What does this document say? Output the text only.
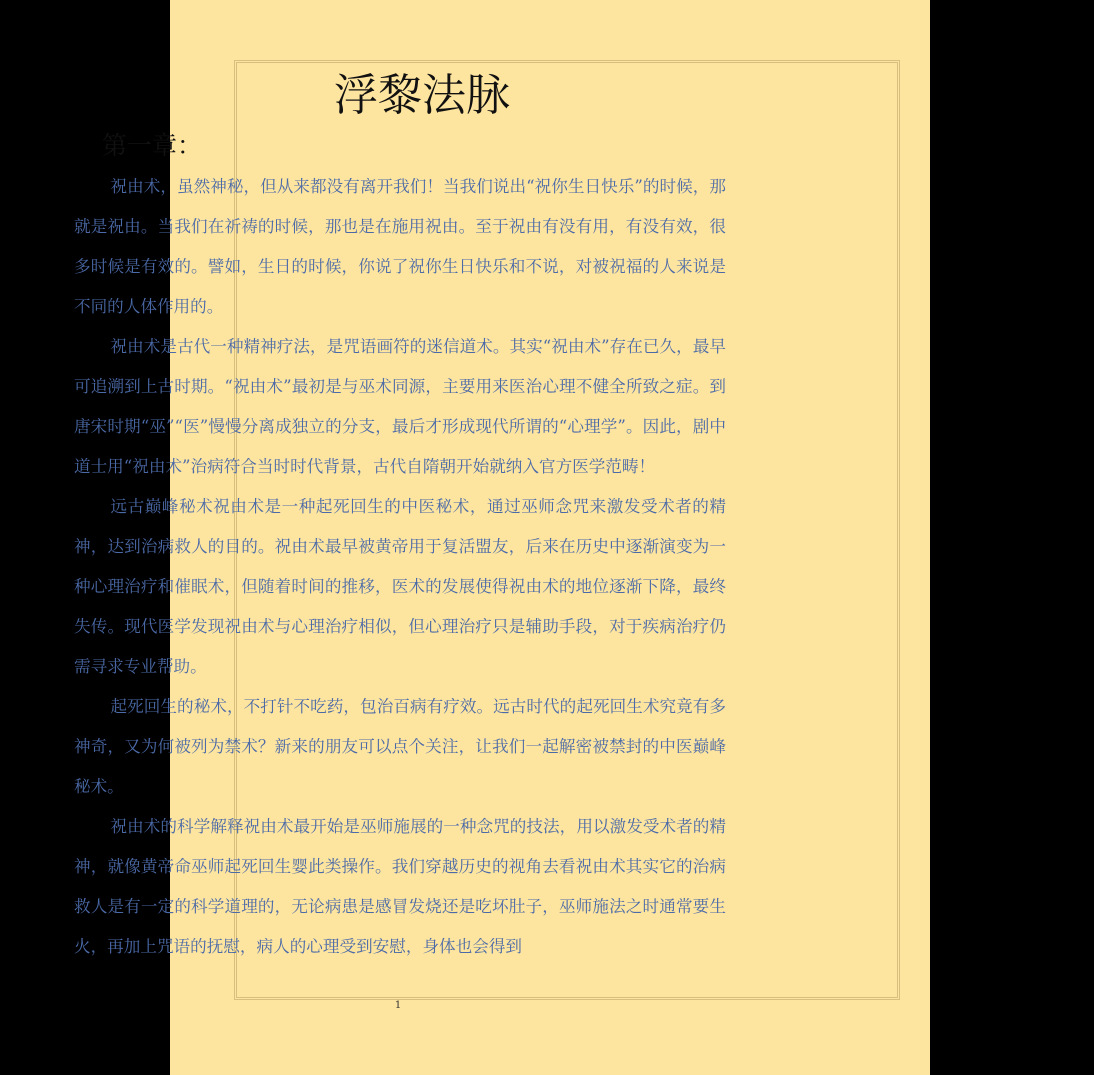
浮黎法脉
第一章：

祝由术，虽然神秘，但从来都没有离开我们！当我们说出“祝你生日快乐”的时候，那就是祝由。当我们在祈祷的时候，那也是在施用祝由。至于祝由有没有用，有没有效，很多时候是有效的。譬如，生日的时候，你说了祝你生日快乐和不说，对被祝福的人来说是不同的人体作用的。

祝由术是古代一种精神疗法，是咒语画符的迷信道术。其实“祝由术”存在已久，最早可追溯到上古时期。“祝由术”最初是与巫术同源，主要用来医治心理不健全所致之症。到唐宋时期“巫”“医”慢慢分离成独立的分支，最后才形成现代所谓的“心理学”。因此，剧中道士用“祝由术”治病符合当时时代背景，古代自隋朝开始就纳入官方医学范畴！

远古巅峰秘术祝由术是一种起死回生的中医秘术，通过巫师念咒来激发受术者的精神，达到治病救人的目的。祝由术最早被黄帝用于复活盟友，后来在历史中逐渐演变为一种心理治疗和催眠术，但随着时间的推移，医术的发展使得祝由术的地位逐渐下降，最终失传。现代医学发现祝由术与心理治疗相似，但心理治疗只是辅助手段，对于疾病治疗仍需寻求专业帮助。

起死回生的秘术，不打针不吃药，包治百病有疗效。远古时代的起死回生术究竟有多神奇，又为何被列为禁术？新来的朋友可以点个关注，让我们一起解密被禁封的中医巅峰秘术。

祝由术的科学解释祝由术最开始是巫师施展的一种念咒的技法，用以激发受术者的精神，就像黄帝命巫师起死回生婴此类操作。我们穿越历史的视角去看祝由术其实它的治病救人是有一定的科学道理的，无论病患是感冒发烧还是吃坏肚子，巫师施法之时通常要生火，再加上咒语的抚慰，病人的心理受到安慰，身体也会得到

1
